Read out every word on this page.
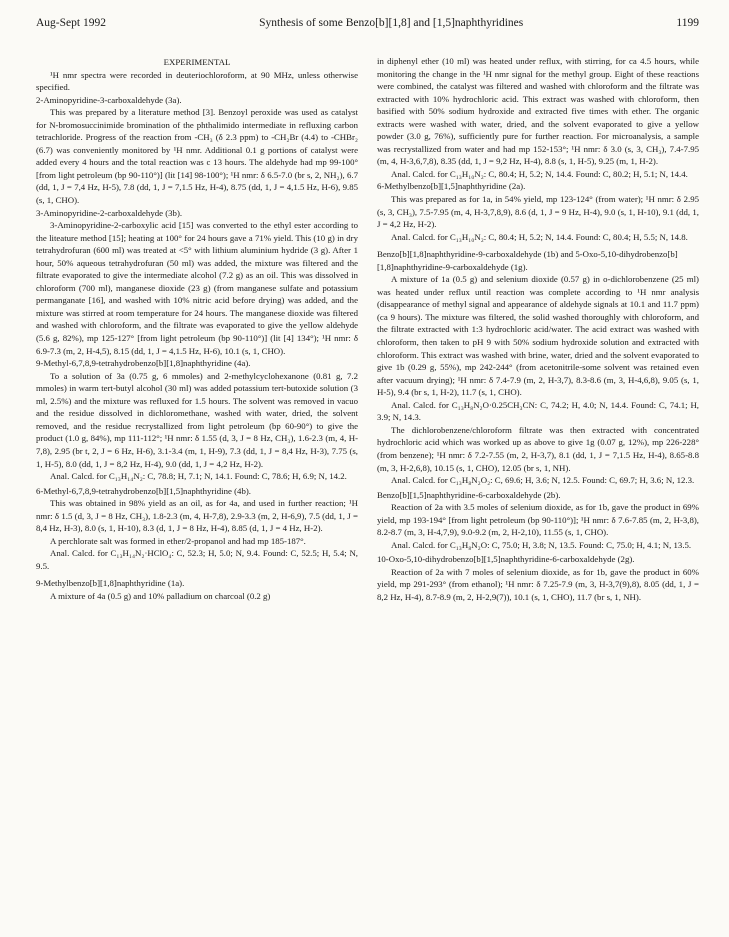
Aug-Sept 1992	Synthesis of some Benzo[b][1,8] and [1,5]naphthyridines	1199

EXPERIMENTAL

¹H nmr spectra were recorded in deuteriochloroform, at 90 MHz, unless otherwise specified.

2-Aminopyridine-3-carboxaldehyde (3a).

This was prepared by a literature method [3]. Benzoyl peroxide was used as catalyst for N-bromosuccinimide bromination of the phthalimido intermediate in refluxing carbon tetrachloride. Progress of the reaction from -CH₃ (δ 2.3 ppm) to -CH₂Br (4.4) to -CHBr₂ (6.7) was conveniently monitored by ¹H nmr. Additional 0.1 g portions of catalyst were added every 4 hours and the total reaction was c 13 hours. The aldehyde had mp 99-100° [from light petroleum (bp 90-110°)] (lit [14] 98-100°); ¹H nmr: δ 6.5-7.0 (br s, 2, NH₂), 6.7 (dd, 1, J = 7,4 Hz, H-5), 7.8 (dd, 1, J = 7,1.5 Hz, H-4), 8.75 (dd, 1, J = 4,1.5 Hz, H-6), 9.85 (s, 1, CHO).

3-Aminopyridine-2-carboxaldehyde (3b).

3-Aminopyridine-2-carboxylic acid [15] was converted to the ethyl ester according to the liteature method [15]; heating at 100° for 24 hours gave a 71% yield. This (10 g) in dry tetrahydrofuran (600 ml) was treated at <5° with lithium aluminium hydride (3 g). After 1 hour, 50% aqueous tetrahydrofuran (50 ml) was added, the mixture was filtered and the filtrate evaporated to give the intermediate alcohol (7.2 g) as an oil. This was dissolved in chloroform (700 ml), manganese dioxide (23 g) (from manganese sulfate and potassium permanganate [16], and washed with 10% nitric acid before drying) was added, and the mixture was stirred at room temperature for 24 hours. The manganese dioxide was filtered and washed with chloroform, and the filtrate was evaporated to give the yellow aldehyde (5.6 g, 82%), mp 125-127° [from light petroleum (bp 90-110°)] (lit [4] 134°); ¹H nmr: δ 6.9-7.3 (m, 2, H-4,5), 8.15 (dd, 1, J = 4,1.5 Hz, H-6), 10.1 (s, 1, CHO).

9-Methyl-6,7,8,9-tetrahydrobenzo[b][1,8]naphthyridine (4a).

To a solution of 3a (0.75 g, 6 mmoles) and 2-methylcyclohexanone (0.81 g, 7.2 mmoles) in warm tert-butyl alcohol (30 ml) was added potassium tert-butoxide solution (3 ml, 2.5%) and the mixture was refluxed for 1.5 hours. The solvent was removed in vacuo and the residue dissolved in dichloromethane, washed with water, dried, the solvent removed, and the residue recrystallized from light petroleum (bp 60-90°) to give the product (1.0 g, 84%), mp 111-112°; ¹H nmr: δ 1.55 (d, 3, J = 8 Hz, CH₃), 1.6-2.3 (m, 4, H-7,8), 2.95 (br t, 2, J = 6 Hz, H-6), 3.1-3.4 (m, 1, H-9), 7.3 (dd, 1, J = 8,4 Hz, H-3), 7.75 (s, 1, H-5), 8.0 (dd, 1, J = 8,2 Hz, H-4), 9.0 (dd, 1, J = 4,2 Hz, H-2).

Anal. Calcd. for C₁₃H₁₄N₂: C, 78.8; H, 7.1; N, 14.1. Found: C, 78.6; H, 6.9; N, 14.2.

6-Methyl-6,7,8,9-tetrahydrobenzo[b][1,5]naphthyridine (4b).

This was obtained in 98% yield as an oil, as for 4a, and used in further reaction; ¹H nmr: δ 1.5 (d, 3, J = 8 Hz, CH₃), 1.8-2.3 (m, 4, H-7,8), 2.9-3.3 (m, 2, H-6,9), 7.5 (dd, 1, J = 8,4 Hz, H-3), 8.0 (s, 1, H-10), 8.3 (d, 1, J = 8 Hz, H-4), 8.85 (d, 1, J = 4 Hz, H-2).

A perchlorate salt was formed in ether/2-propanol and had mp 185-187°.

Anal. Calcd. for C₁₃H₁₄N₂·HClO₄: C, 52.3; H, 5.0; N, 9.4. Found: C, 52.5; H, 5.4; N, 9.5.

9-Methylbenzo[b][1,8]naphthyridine (1a).

A mixture of 4a (0.5 g) and 10% palladium on charcoal (0.2 g)

in diphenyl ether (10 ml) was heated under reflux, with stirring, for ca 4.5 hours, while monitoring the change in the ¹H nmr signal for the methyl group. Eight of these reactions were combined, the catalyst was filtered and washed with chloroform and the filtrate was extracted with 10% hydrochloric acid. This extract was washed with chloroform, then basified with 50% sodium hydroxide and extracted five times with ether. The organic extracts were washed with water, dried, and the solvent evaporated to give a yellow powder (3.0 g, 76%), sufficiently pure for further reaction. For microanalysis, a sample was recrystallized from water and had mp 152-153°; ¹H nmr: δ 3.0 (s, 3, CH₃), 7.4-7.95 (m, 4, H-3,6,7,8), 8.35 (dd, 1, J = 9,2 Hz, H-4), 8.8 (s, 1, H-5), 9.25 (m, 1, H-2).

Anal. Calcd. for C₁₃H₁₀N₂: C, 80.4; H, 5.2; N, 14.4. Found: C, 80.2; H, 5.1; N, 14.4.

6-Methylbenzo[b][1,5]naphthyridine (2a).

This was prepared as for 1a, in 54% yield, mp 123-124° (from water); ¹H nmr: δ 2.95 (s, 3, CH₃), 7.5-7.95 (m, 4, H-3,7,8,9), 8.6 (d, 1, J = 9 Hz, H-4), 9.0 (s, 1, H-10), 9.1 (dd, 1, J = 4,2 Hz, H-2).

Anal. Calcd. for C₁₃H₁₀N₂: C, 80.4; H, 5.2; N, 14.4. Found: C, 80.4; H, 5.5; N, 14.8.

Benzo[b][1,8]naphthyridine-9-carboxaldehyde (1b) and 5-Oxo-5,10-dihydrobenzo[b][1,8]naphthyridine-9-carboxaldehyde (1g).

A mixture of 1a (0.5 g) and selenium dioxide (0.57 g) in o-dichlorobenzene (25 ml) was heated under reflux until reaction was complete according to ¹H nmr analysis (disappearance of methyl signal and appearance of aldehyde signals at 10.1 and 11.7 ppm) (ca 9 hours). The mixture was filtered, the solid washed thoroughly with chloroform, and the filtrate extracted with 1:3 hydrochloric acid/water. The acid extract was washed with chloroform, then taken to pH 9 with 50% sodium hydroxide solution and extracted with chloroform. This extract was washed with brine, water, dried and the solvent evaporated to give 1b (0.29 g, 55%), mp 242-244° (from acetonitrile-some solvent was retained even after vacuum drying); ¹H nmr: δ 7.4-7.9 (m, 2, H-3,7), 8.3-8.6 (m, 3, H-4,6,8), 9.05 (s, 1, H-5), 9.4 (br s, 1, H-2), 11.7 (s, 1, CHO).

Anal. Calcd. for C₁₃H₈N₂O·0.25CH₃CN: C, 74.2; H, 4.0; N, 14.4. Found: C, 74.1; H, 3.9; N, 14.3.

The dichlorobenzene/chloroform filtrate was then extracted with concentrated hydrochloric acid which was worked up as above to give 1g (0.07 g, 12%), mp 226-228° (from benzene); ¹H nmr: δ 7.2-7.55 (m, 2, H-3,7), 8.1 (dd, 1, J = 7,1.5 Hz, H-4), 8.65-8.8 (m, 3, H-2,6,8), 10.15 (s, 1, CHO), 12.05 (br s, 1, NH).

Anal. Calcd. for C₁₃H₈N₂O₂: C, 69.6; H, 3.6; N, 12.5. Found: C, 69.7; H, 3.6; N, 12.3.

Benzo[b][1,5]naphthyridine-6-carboxaldehyde (2b).

Reaction of 2a with 3.5 moles of selenium dioxide, as for 1b, gave the product in 69% yield, mp 193-194° [from light petroleum (bp 90-110°)]; ¹H nmr: δ 7.6-7.85 (m, 2, H-3,8), 8.2-8.7 (m, 3, H-4,7,9), 9.0-9.2 (m, 2, H-2,10), 11.55 (s, 1, CHO).

Anal. Calcd. for C₁₃H₈N₂O: C, 75.0; H, 3.8; N, 13.5. Found: C, 75.0; H, 4.1; N, 13.5.

10-Oxo-5,10-dihydrobenzo[b][1,5]naphthyridine-6-carboxaldehyde (2g).

Reaction of 2a with 7 moles of selenium dioxide, as for 1b, gave the product in 60% yield, mp 291-293° (from ethanol); ¹H nmr: δ 7.25-7.9 (m, 3, H-3,7(9),8), 8.05 (dd, 1, J = 8,2 Hz, H-4), 8.7-8.9 (m, 2, H-2,9(7)), 10.1 (s, 1, CHO), 11.7 (br s, 1, NH).
